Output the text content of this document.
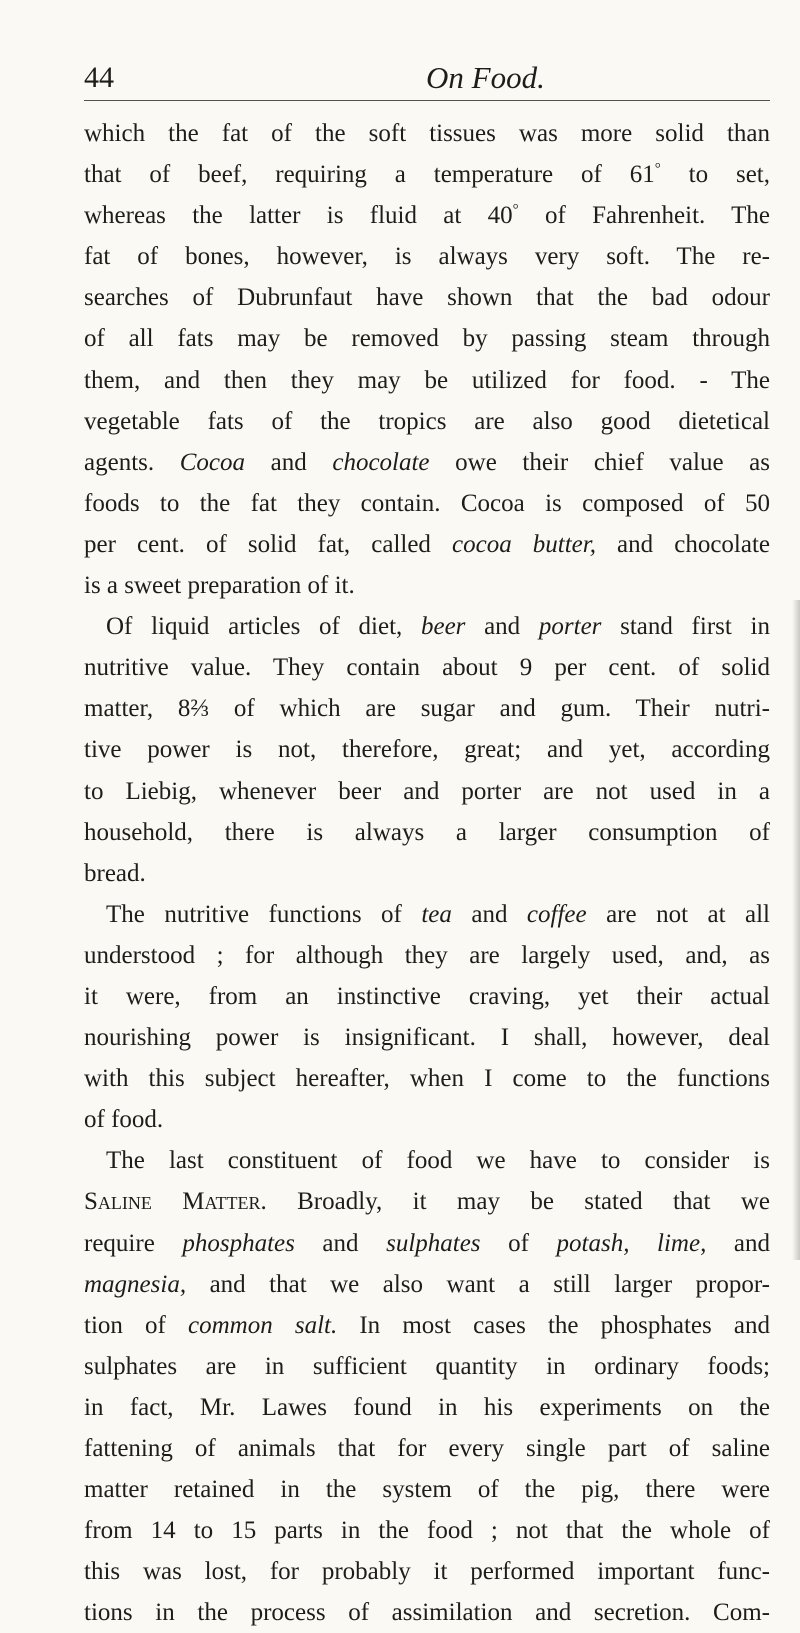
44	On Food.
which the fat of the soft tissues was more solid than
that of beef, requiring a temperature of 61° to set,
whereas the latter is fluid at 40° of Fahrenheit. The
fat of bones, however, is always very soft. The re-
searches of Dubrunfaut have shown that the bad odour
of all fats may be removed by passing steam through
them, and then they may be utilized for food. - The
vegetable fats of the tropics are also good dietetical
agents. Cocoa and chocolate owe their chief value as
foods to the fat they contain. Cocoa is composed of 50
per cent. of solid fat, called cocoa butter, and chocolate
is a sweet preparation of it.
Of liquid articles of diet, beer and porter stand first in
nutritive value. They contain about 9 per cent. of solid
matter, 8⅔ of which are sugar and gum. Their nutri-
tive power is not, therefore, great; and yet, according
to Liebig, whenever beer and porter are not used in a
household, there is always a larger consumption of
bread.
The nutritive functions of tea and coffee are not at all
understood ; for although they are largely used, and, as
it were, from an instinctive craving, yet their actual
nourishing power is insignificant. I shall, however, deal
with this subject hereafter, when I come to the functions
of food.
The last constituent of food we have to consider is
Saline Matter. Broadly, it may be stated that we
require phosphates and sulphates of potash, lime, and
magnesia, and that we also want a still larger propor-
tion of common salt. In most cases the phosphates and
sulphates are in sufficient quantity in ordinary foods;
in fact, Mr. Lawes found in his experiments on the
fattening of animals that for every single part of saline
matter retained in the system of the pig, there were
from 14 to 15 parts in the food ; not that the whole of
this was lost, for probably it performed important func-
tions in the process of assimilation and secretion. Com-
